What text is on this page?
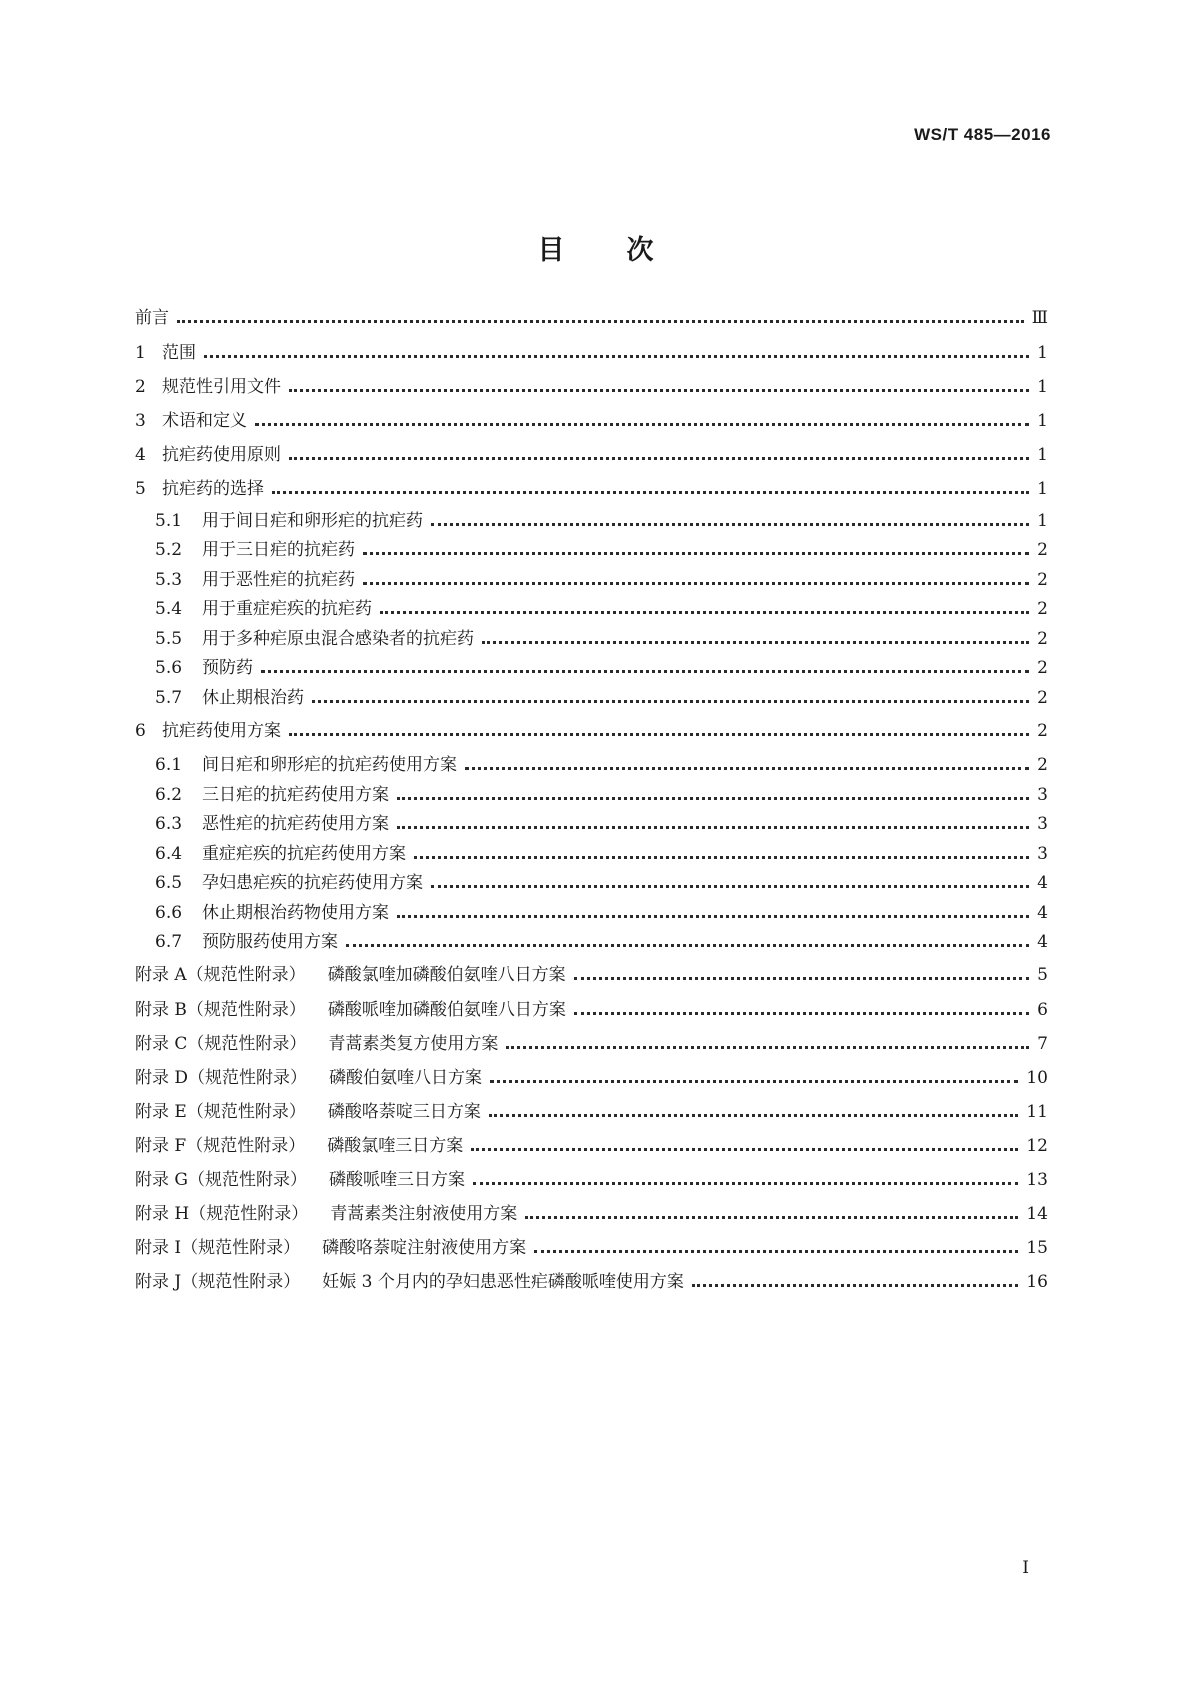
WS/T 485—2016
目 次
前言	Ⅲ
1 范围	1
2 规范性引用文件	1
3 术语和定义	1
4 抗疟药使用原则	1
5 抗疟药的选择	1
5.1	用于间日疟和卵形疟的抗疟药	1
5.2	用于三日疟的抗疟药	2
5.3	用于恶性疟的抗疟药	2
5.4	用于重症疟疾的抗疟药	2
5.5	用于多种疟原虫混合感染者的抗疟药	2
5.6	预防药	2
5.7	休止期根治药	2
6 抗疟药使用方案	2
6.1	间日疟和卵形疟的抗疟药使用方案	2
6.2	三日疟的抗疟药使用方案	3
6.3	恶性疟的抗疟药使用方案	3
6.4	重症疟疾的抗疟药使用方案	3
6.5	孕妇患疟疾的抗疟药使用方案	4
6.6	休止期根治药物使用方案	4
6.7	预防服药使用方案	4
附录 A（规范性附录） 磷酸氯喹加磷酸伯氨喹八日方案	5
附录 B（规范性附录） 磷酸哌喹加磷酸伯氨喹八日方案	6
附录 C（规范性附录） 青蒿素类复方使用方案	7
附录 D（规范性附录） 磷酸伯氨喹八日方案	10
附录 E（规范性附录） 磷酸咯萘啶三日方案	11
附录 F（规范性附录） 磷酸氯喹三日方案	12
附录 G（规范性附录） 磷酸哌喹三日方案	13
附录 H（规范性附录） 青蒿素类注射液使用方案	14
附录 I（规范性附录） 磷酸咯萘啶注射液使用方案	15
附录 J（规范性附录） 妊娠 3 个月内的孕妇患恶性疟磷酸哌喹使用方案	16
I
